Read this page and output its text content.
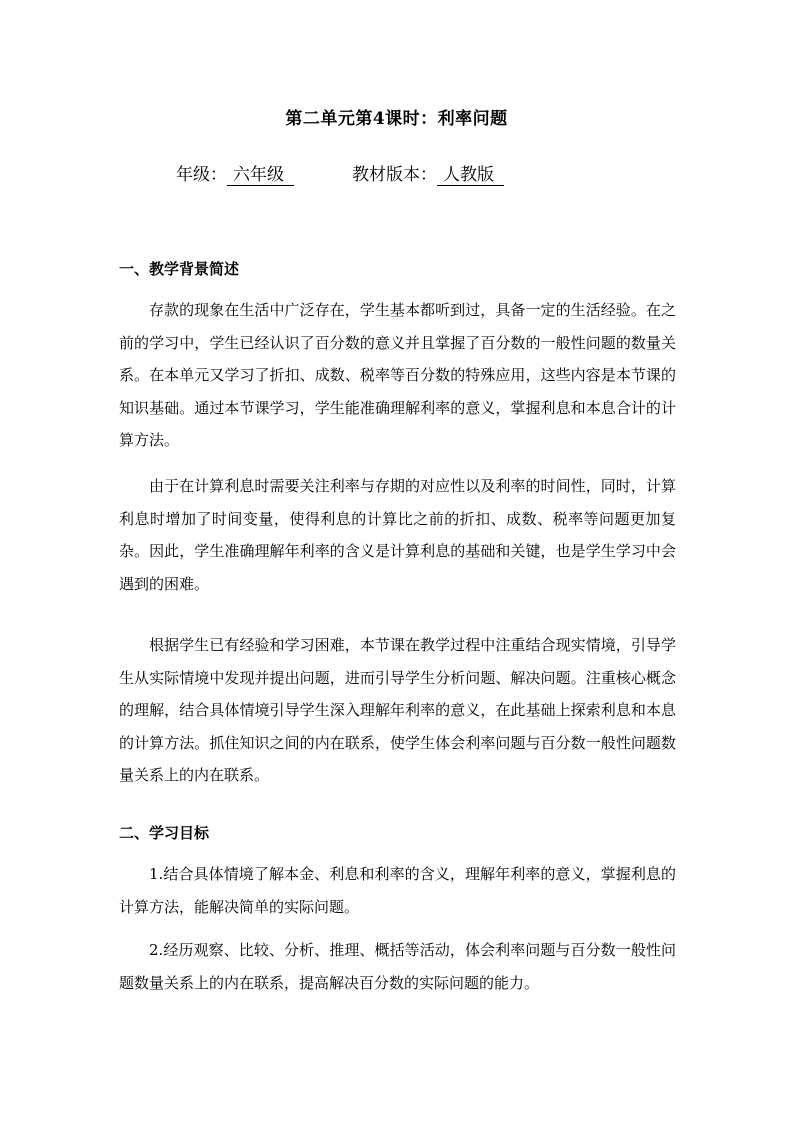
第二单元第4课时：利率问题
年级： 六年级	教材版本： 人教版
一、教学背景简述

存款的现象在生活中广泛存在，学生基本都听到过，具备一定的生活经验。在之前的学习中，学生已经认识了百分数的意义并且掌握了百分数的一般性问题的数量关系。在本单元又学习了折扣、成数、税率等百分数的特殊应用，这些内容是本节课的知识基础。通过本节课学习，学生能准确理解利率的意义，掌握利息和本息合计的计算方法。

由于在计算利息时需要关注利率与存期的对应性以及利率的时间性，同时，计算利息时增加了时间变量，使得利息的计算比之前的折扣、成数、税率等问题更加复杂。因此，学生准确理解年利率的含义是计算利息的基础和关键，也是学生学习中会遇到的困难。

根据学生已有经验和学习困难，本节课在教学过程中注重结合现实情境，引导学生从实际情境中发现并提出问题，进而引导学生分析问题、解决问题。注重核心概念的理解，结合具体情境引导学生深入理解年利率的意义，在此基础上探索利息和本息的计算方法。抓住知识之间的内在联系，使学生体会利率问题与百分数一般性问题数量关系上的内在联系。

二、学习目标

1.结合具体情境了解本金、利息和利率的含义，理解年利率的意义，掌握利息的计算方法，能解决简单的实际问题。

2.经历观察、比较、分析、推理、概括等活动，体会利率问题与百分数一般性问题数量关系上的内在联系，提高解决百分数的实际问题的能力。
